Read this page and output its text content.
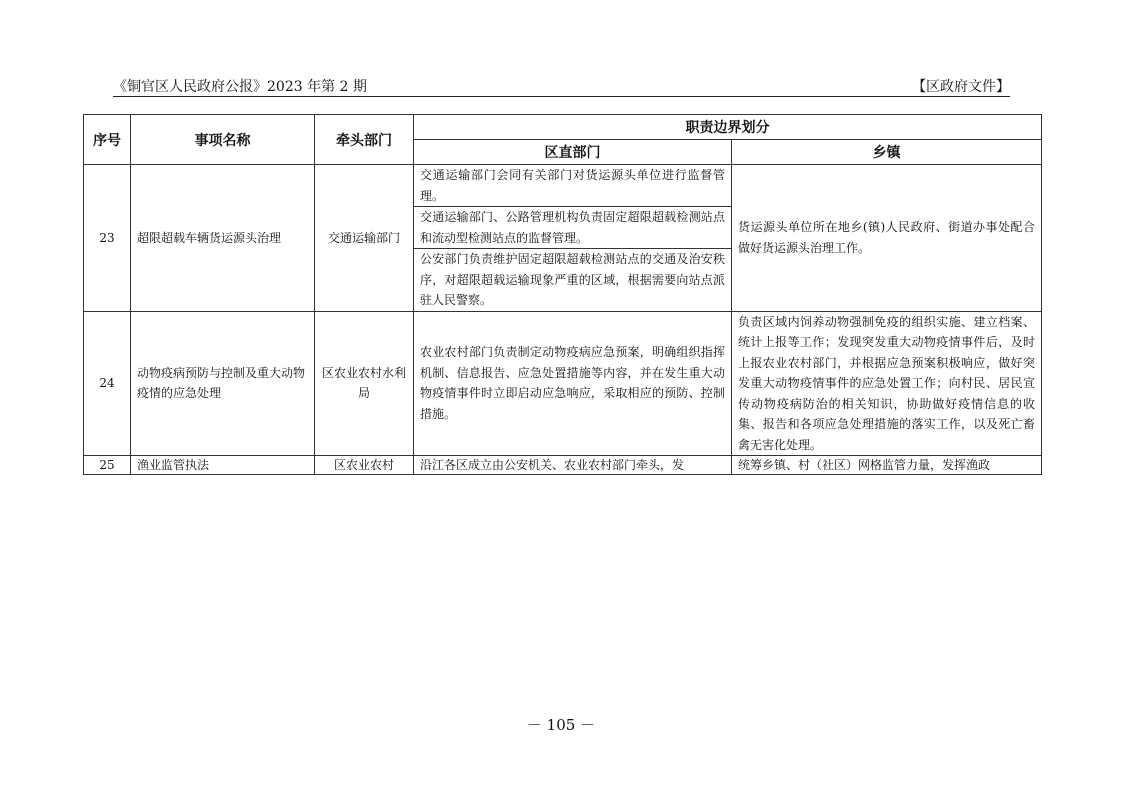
《铜官区人民政府公报》2023 年第 2 期	【区政府文件】
序号	事项名称	牵头部门	职责边界划分	
			区直部门	乡镇
23	超限超载车辆货运源头治理	交通运输部门	交通运输部门会同有关部门对货运源头单位进行监督管理。	货运源头单位所在地乡(镇)人民政府、街道办事处配合做好货运源头治理工作。
			交通运输部门、公路管理机构负责固定超限超载检测站点和流动型检测站点的监督管理。	
			公安部门负责维护固定超限超载检测站点的交通及治安秩序，对超限超载运输现象严重的区域，根据需要向站点派驻人民警察。	
24	动物疫病预防与控制及重大动物疫情的应急处理	区农业农村水利局	农业农村部门负责制定动物疫病应急预案，明确组织指挥机制、信息报告、应急处置措施等内容，并在发生重大动物疫情事件时立即启动应急响应，采取相应的预防、控制措施。	负责区域内饲养动物强制免疫的组织实施、建立档案、统计上报等工作；发现突发重大动物疫情事件后，及时上报农业农村部门，并根据应急预案积极响应，做好突发重大动物疫情事件的应急处置工作；向村民、居民宣传动物疫病防治的相关知识，协助做好疫情信息的收集、报告和各项应急处理措施的落实工作，以及死亡畜禽无害化处理。
25	渔业监管执法	区农业农村	沿江各区成立由公安机关、农业农村部门牵头，发	统筹乡镇、村（社区）网格监管力量，发挥渔政
－ 105 －
